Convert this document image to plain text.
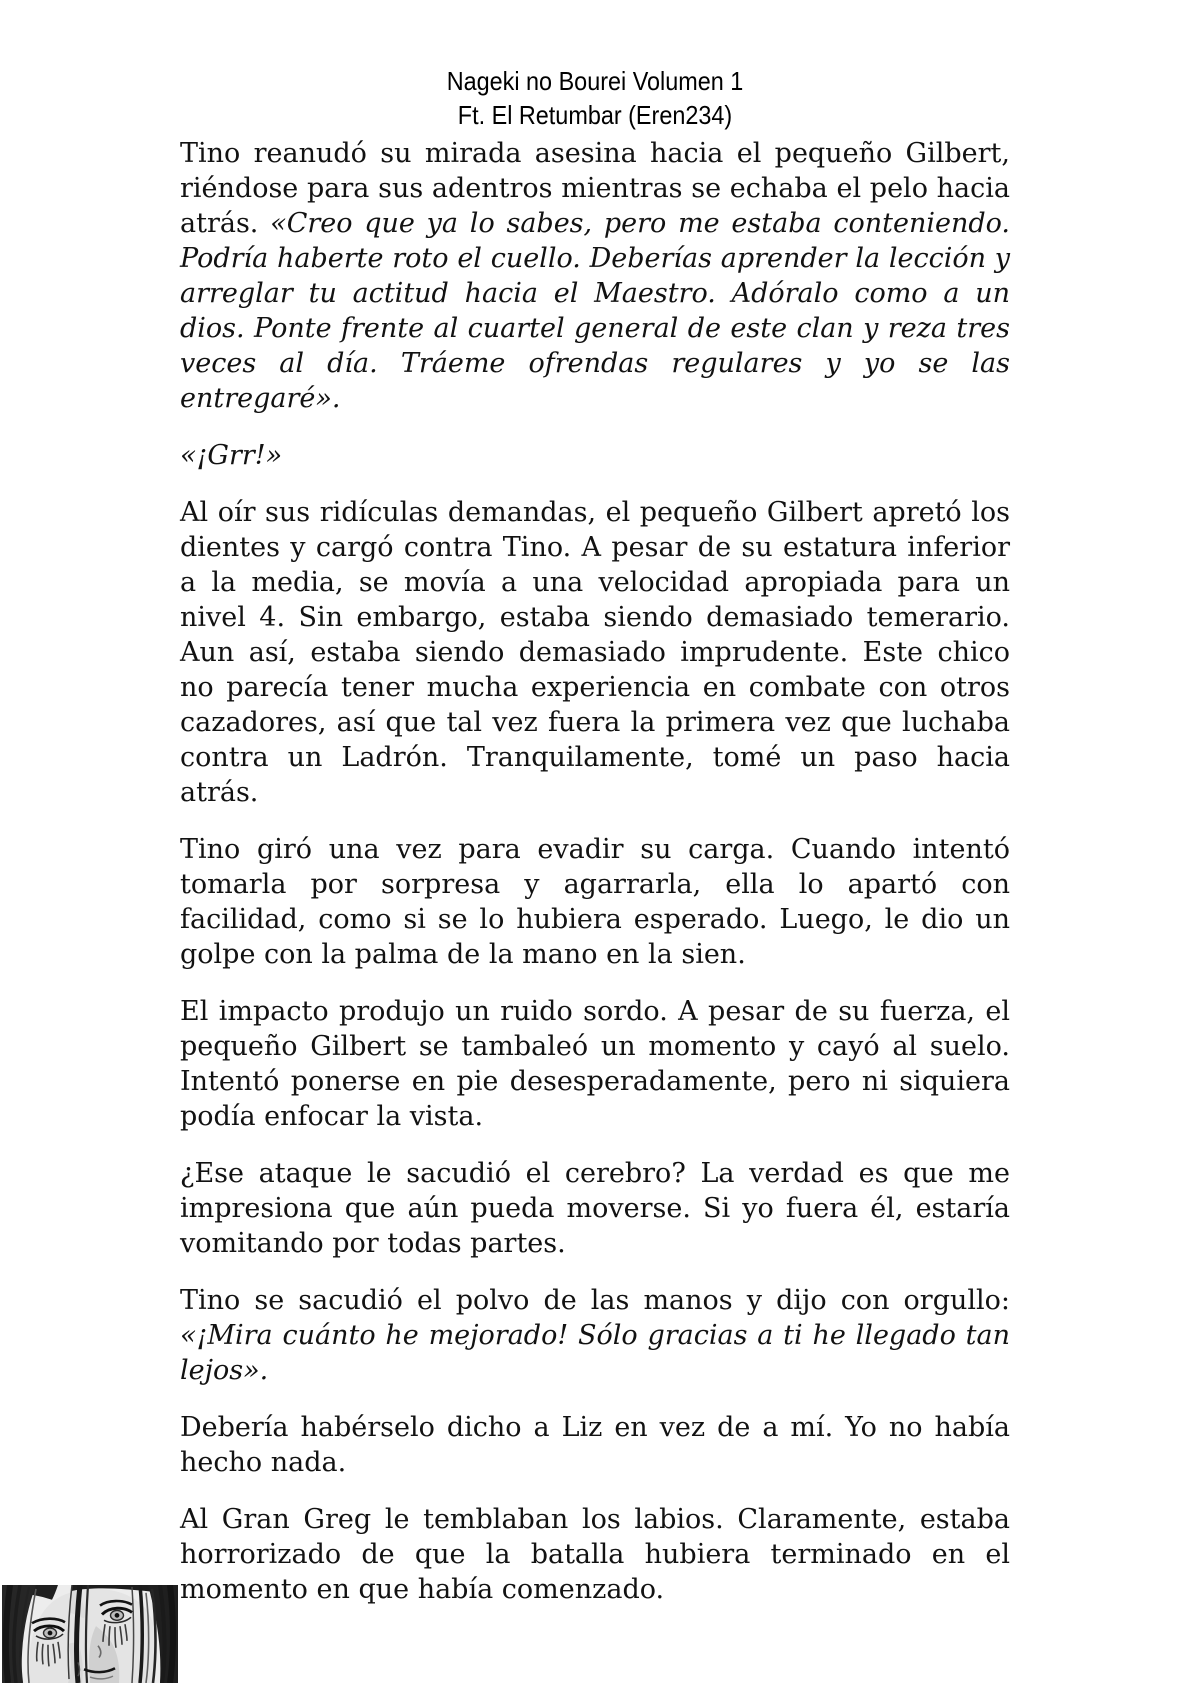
Nageki no Bourei Volumen 1
Ft. El Retumbar (Eren234)

Tino reanudó su mirada asesina hacia el pequeño Gilbert, riéndose para sus adentros mientras se echaba el pelo hacia atrás. «Creo que ya lo sabes, pero me estaba conteniendo. Podría haberte roto el cuello. Deberías aprender la lección y arreglar tu actitud hacia el Maestro. Adóralo como a un dios. Ponte frente al cuartel general de este clan y reza tres veces al día. Tráeme ofrendas regulares y yo se las entregaré».

«¡Grr!»

Al oír sus ridículas demandas, el pequeño Gilbert apretó los dientes y cargó contra Tino. A pesar de su estatura inferior a la media, se movía a una velocidad apropiada para un nivel 4. Sin embargo, estaba siendo demasiado temerario. Aun así, estaba siendo demasiado imprudente. Este chico no parecía tener mucha experiencia en combate con otros cazadores, así que tal vez fuera la primera vez que luchaba contra un Ladrón. Tranquilamente, tomé un paso hacia atrás.

Tino giró una vez para evadir su carga. Cuando intentó tomarla por sorpresa y agarrarla, ella lo apartó con facilidad, como si se lo hubiera esperado. Luego, le dio un golpe con la palma de la mano en la sien.

El impacto produjo un ruido sordo. A pesar de su fuerza, el pequeño Gilbert se tambaleó un momento y cayó al suelo. Intentó ponerse en pie desesperadamente, pero ni siquiera podía enfocar la vista.

¿Ese ataque le sacudió el cerebro? La verdad es que me impresiona que aún pueda moverse. Si yo fuera él, estaría vomitando por todas partes.

Tino se sacudió el polvo de las manos y dijo con orgullo: «¡Mira cuánto he mejorado! Sólo gracias a ti he llegado tan lejos».

Debería habérselo dicho a Liz en vez de a mí. Yo no había hecho nada.

Al Gran Greg le temblaban los labios. Claramente, estaba horrorizado de que la batalla hubiera terminado en el momento en que había comenzado.
